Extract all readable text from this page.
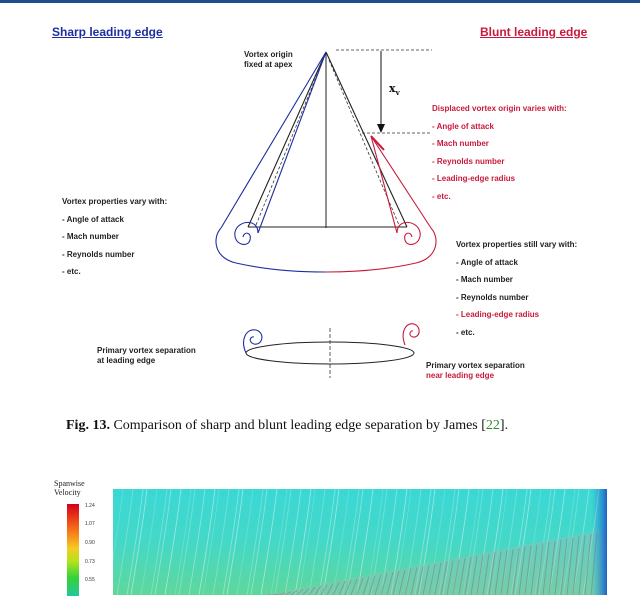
Sharp leading edge	Blunt leading edge
Vortex origin
fixed at apex
$x_v$
Displaced vortex origin varies with:
- Angle of attack
- Mach number
- Reynolds number
- Leading-edge radius
- etc.
Vortex properties vary with:
- Angle of attack
- Mach number
- Reynolds number
- etc.
Vortex properties still vary with:
- Angle of attack
- Mach number
- Reynolds number
- Leading-edge radius
- etc.
Primary vortex separation
at leading edge
Primary vortex separation
near leading edge
Fig. 13. Comparison of sharp and blunt leading edge separation by James [22].
Spanwise
Velocity
1.24
1.07
0.90
0.73
0.55
